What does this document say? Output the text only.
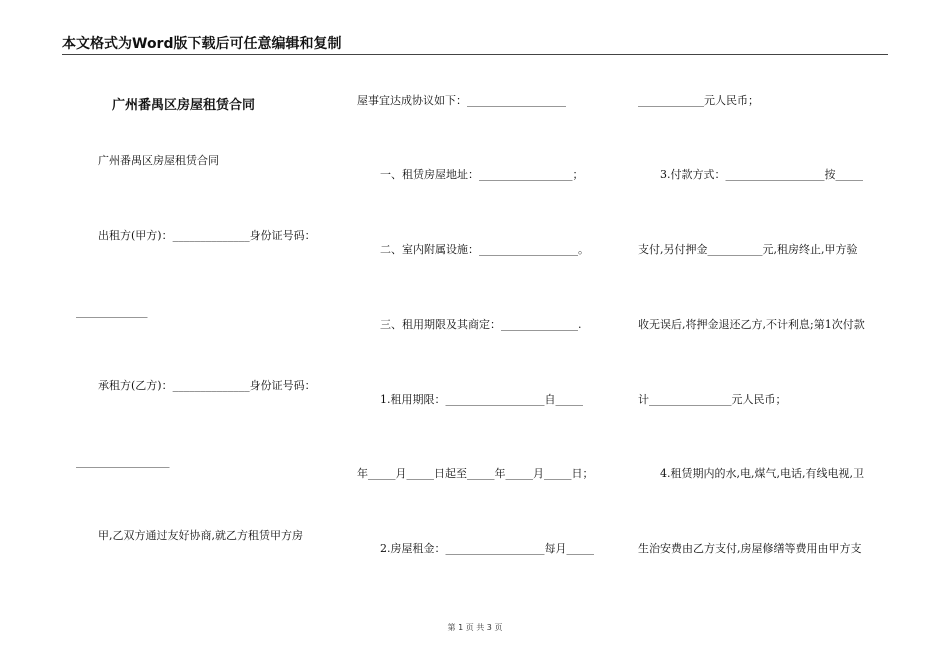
本文格式为Word版下载后可任意编辑和复制
广州番禺区房屋租赁合同
广州番禺区房屋租赁合同
出租方(甲方)：______________身份证号码：
_____________
承租方(乙方)：______________身份证号码：
_________________
甲,乙双方通过友好协商,就乙方租赁甲方房
屋事宜达成协议如下：__________________
一、租赁房屋地址：_________________；
二、室内附属设施：__________________。
三、租用期限及其商定：______________.
1.租用期限：__________________自_____
年_____月_____日起至_____年_____月_____日；
2.房屋租金：__________________每月_____
____________元人民币；
3.付款方式：__________________按_____
支付,另付押金__________元,租房终止,甲方验
收无误后,将押金退还乙方,不计利息;第1次付款
计_______________元人民币；
4.租赁期内的水,电,煤气,电话,有线电视,卫
生治安费由乙方支付,房屋修缮等费用由甲方支
第 1 页 共 3 页
